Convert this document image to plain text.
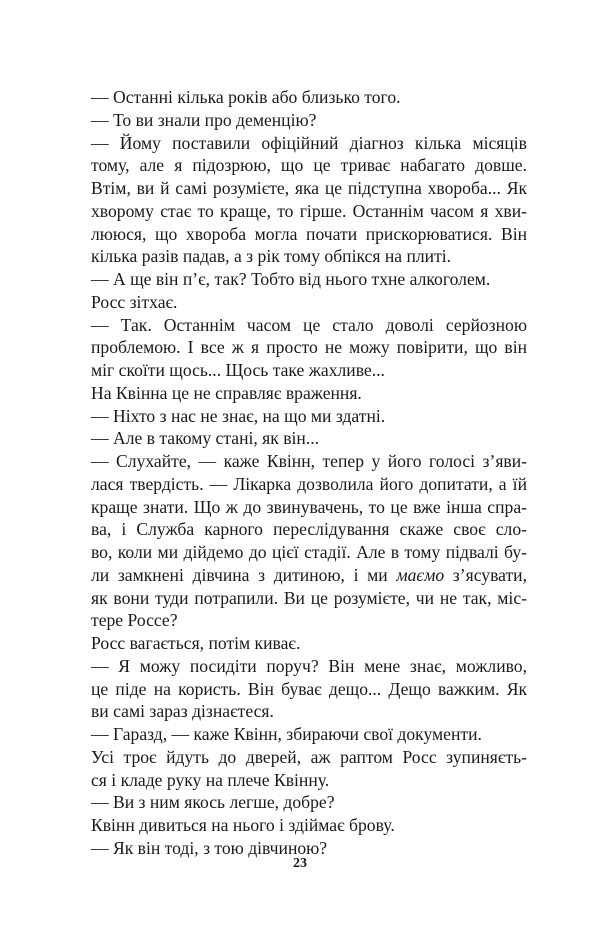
— Останні кілька років або близько того.
— То ви знали про деменцію?
— Йому поставили офіційний діагноз кілька місяців
тому, але я підозрюю, що це триває набагато довше.
Втім, ви й самі розумієте, яка це підступна хвороба... Як
хворому стає то краще, то гірше. Останнім часом я хви-
лююся, що хвороба могла почати прискорюватися. Він
кілька разів падав, а з рік тому обпікся на плиті.
— А ще він п’є, так? Тобто від нього тхне алкоголем.
Росс зітхає.
— Так. Останнім часом це стало доволі серйозною
проблемою. І все ж я просто не можу повірити, що він
міг скоїти щось... Щось таке жахливе...
На Квінна це не справляє враження.
— Ніхто з нас не знає, на що ми здатні.
— Але в такому стані, як він...
— Слухайте, — каже Квінн, тепер у його голосі з’яви-
лася твердість. — Лікарка дозволила його допитати, а їй
краще знати. Що ж до звинувачень, то це вже інша спра-
ва, і Служба карного переслідування скаже своє сло-
во, коли ми дійдемо до цієї стадії. Але в тому підвалі бу-
ли замкнені дівчина з дитиною, і ми маємо з’ясувати,
як вони туди потрапили. Ви це розумієте, чи не так, міс-
тере Россе?
Росс вагається, потім киває.
— Я можу посидіти поруч? Він мене знає, можливо,
це піде на користь. Він буває дещо... Дещо важким. Як
ви самі зараз дізнаєтеся.
— Гаразд, — каже Квінн, збираючи свої документи.
Усі троє йдуть до дверей, аж раптом Росс зупиняєть-
ся і кладе руку на плече Квінну.
— Ви з ним якось легше, добре?
Квінн дивиться на нього і здіймає брову.
— Як він тоді, з тою дівчиною?
23
